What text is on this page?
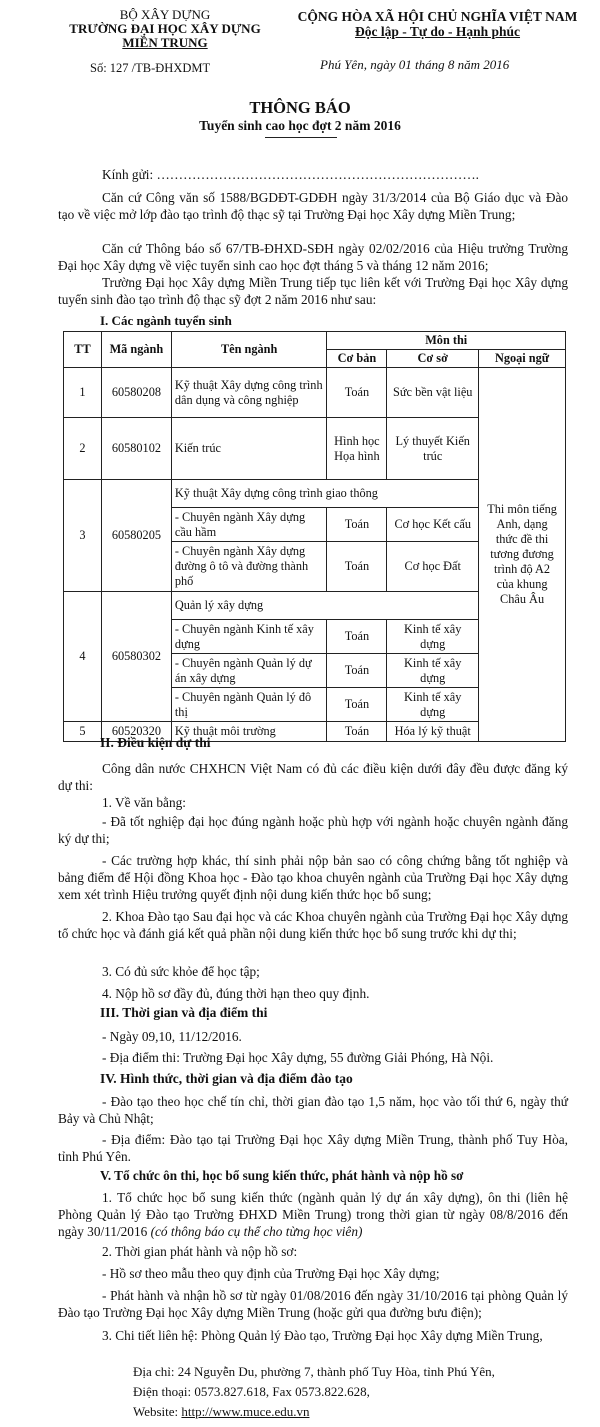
BỘ XÂY DỰNG
TRƯỜNG ĐẠI HỌC XÂY DỰNG
MIỀN TRUNG
Số: 127 /TB-ĐHXDMT
CỘNG HÒA XÃ HỘI CHỦ NGHĨA VIỆT NAM
Độc lập - Tự do - Hạnh phúc
Phú Yên, ngày 01 tháng 8 năm 2016
THÔNG BÁO
Tuyển sinh cao học đợt 2 năm 2016
Kính gửi: ……………………………………………………………….
Căn cứ Công văn số 1588/BGDĐT-GDĐH ngày 31/3/2014 của Bộ Giáo dục và Đào tạo về việc mở lớp đào tạo trình độ thạc sỹ tại Trường Đại học Xây dựng Miền Trung;
Căn cứ Thông báo số 67/TB-ĐHXD-SĐH ngày 02/02/2016 của Hiệu trưởng Trường Đại học Xây dựng về việc tuyển sinh cao học đợt tháng 5 và tháng 12 năm 2016;
Trường Đại học Xây dựng Miền Trung tiếp tục liên kết với Trường Đại học Xây dựng tuyển sinh đào tạo trình độ thạc sỹ đợt 2 năm 2016 như sau:
I. Các ngành tuyển sinh
TT	Mã ngành	Tên ngành	Môn thi		
			Cơ bản	Cơ sở	Ngoại ngữ
1	60580208	Kỹ thuật Xây dựng công trình dân dụng và công nghiệp	Toán	Sức bền vật liệu	Thi môn tiếng Anh, dạng thức đề thi tương đương trình độ A2 của khung Châu Âu
2	60580102	Kiến trúc	Hình học Họa hình	Lý thuyết Kiến trúc	
3	60580205	Kỹ thuật Xây dựng công trình giao thông			
		- Chuyên ngành Xây dựng cầu hầm	Toán	Cơ học Kết cấu	
		- Chuyên ngành Xây dựng đường ô tô và đường thành phố	Toán	Cơ học Đất	
4	60580302	Quản lý xây dựng			
		- Chuyên ngành Kinh tế xây dựng	Toán	Kinh tế xây dựng	
		- Chuyên ngành Quản lý dự án xây dựng	Toán	Kinh tế xây dựng	
		- Chuyên ngành Quản lý đô thị	Toán	Kinh tế xây dựng	
5	60520320	Kỹ thuật môi trường	Toán	Hóa lý kỹ thuật	
II. Điều kiện dự thi
Công dân nước CHXHCN Việt Nam có đủ các điều kiện dưới đây đều được đăng ký dự thi:
1. Về văn bằng:
- Đã tốt nghiệp đại học đúng ngành hoặc phù hợp với ngành hoặc chuyên ngành đăng ký dự thi;
- Các trường hợp khác, thí sinh phải nộp bản sao có công chứng bằng tốt nghiệp và bảng điểm để Hội đồng Khoa học - Đào tạo khoa chuyên ngành của Trường Đại học Xây dựng xem xét trình Hiệu trưởng quyết định nội dung kiến thức học bổ sung;
2. Khoa Đào tạo Sau đại học và các Khoa chuyên ngành của Trường Đại học Xây dựng tổ chức học và đánh giá kết quả phần nội dung kiến thức học bổ sung trước khi dự thi;
3. Có đủ sức khỏe để học tập;
4. Nộp hồ sơ đầy đủ, đúng thời hạn theo quy định.
III. Thời gian và địa điểm thi
- Ngày 09,10, 11/12/2016.
- Địa điểm thi: Trường Đại học Xây dựng, 55 đường Giải Phóng, Hà Nội.
IV. Hình thức, thời gian và địa điểm đào tạo
- Đào tạo theo học chế tín chỉ, thời gian đào tạo 1,5 năm, học vào tối thứ 6, ngày thứ Bảy và Chủ Nhật;
- Địa điểm: Đào tạo tại Trường Đại học Xây dựng Miền Trung, thành phố Tuy Hòa, tỉnh Phú Yên.
V. Tổ chức ôn thi, học bổ sung kiến thức, phát hành và nộp hồ sơ
1. Tổ chức học bổ sung kiến thức (ngành quản lý dự án xây dựng), ôn thi (liên hệ Phòng Quản lý Đào tạo Trường ĐHXD Miền Trung) trong thời gian từ ngày 08/8/2016 đến ngày 30/11/2016 (có thông báo cụ thể cho từng học viên)
2. Thời gian phát hành và nộp hồ sơ:
- Hồ sơ theo mẫu theo quy định của Trường Đại học Xây dựng;
- Phát hành và nhận hồ sơ từ ngày 01/08/2016 đến ngày 31/10/2016 tại phòng Quản lý Đào tạo Trường Đại học Xây dựng Miền Trung (hoặc gửi qua đường bưu điện);
3. Chi tiết liên hệ: Phòng Quản lý Đào tạo, Trường Đại học Xây dựng Miền Trung,
Địa chỉ: 24 Nguyễn Du, phường 7, thành phố Tuy Hòa, tỉnh Phú Yên,
Điện thoại: 0573.827.618, Fax 0573.822.628,
Website: http://www.muce.edu.vn
